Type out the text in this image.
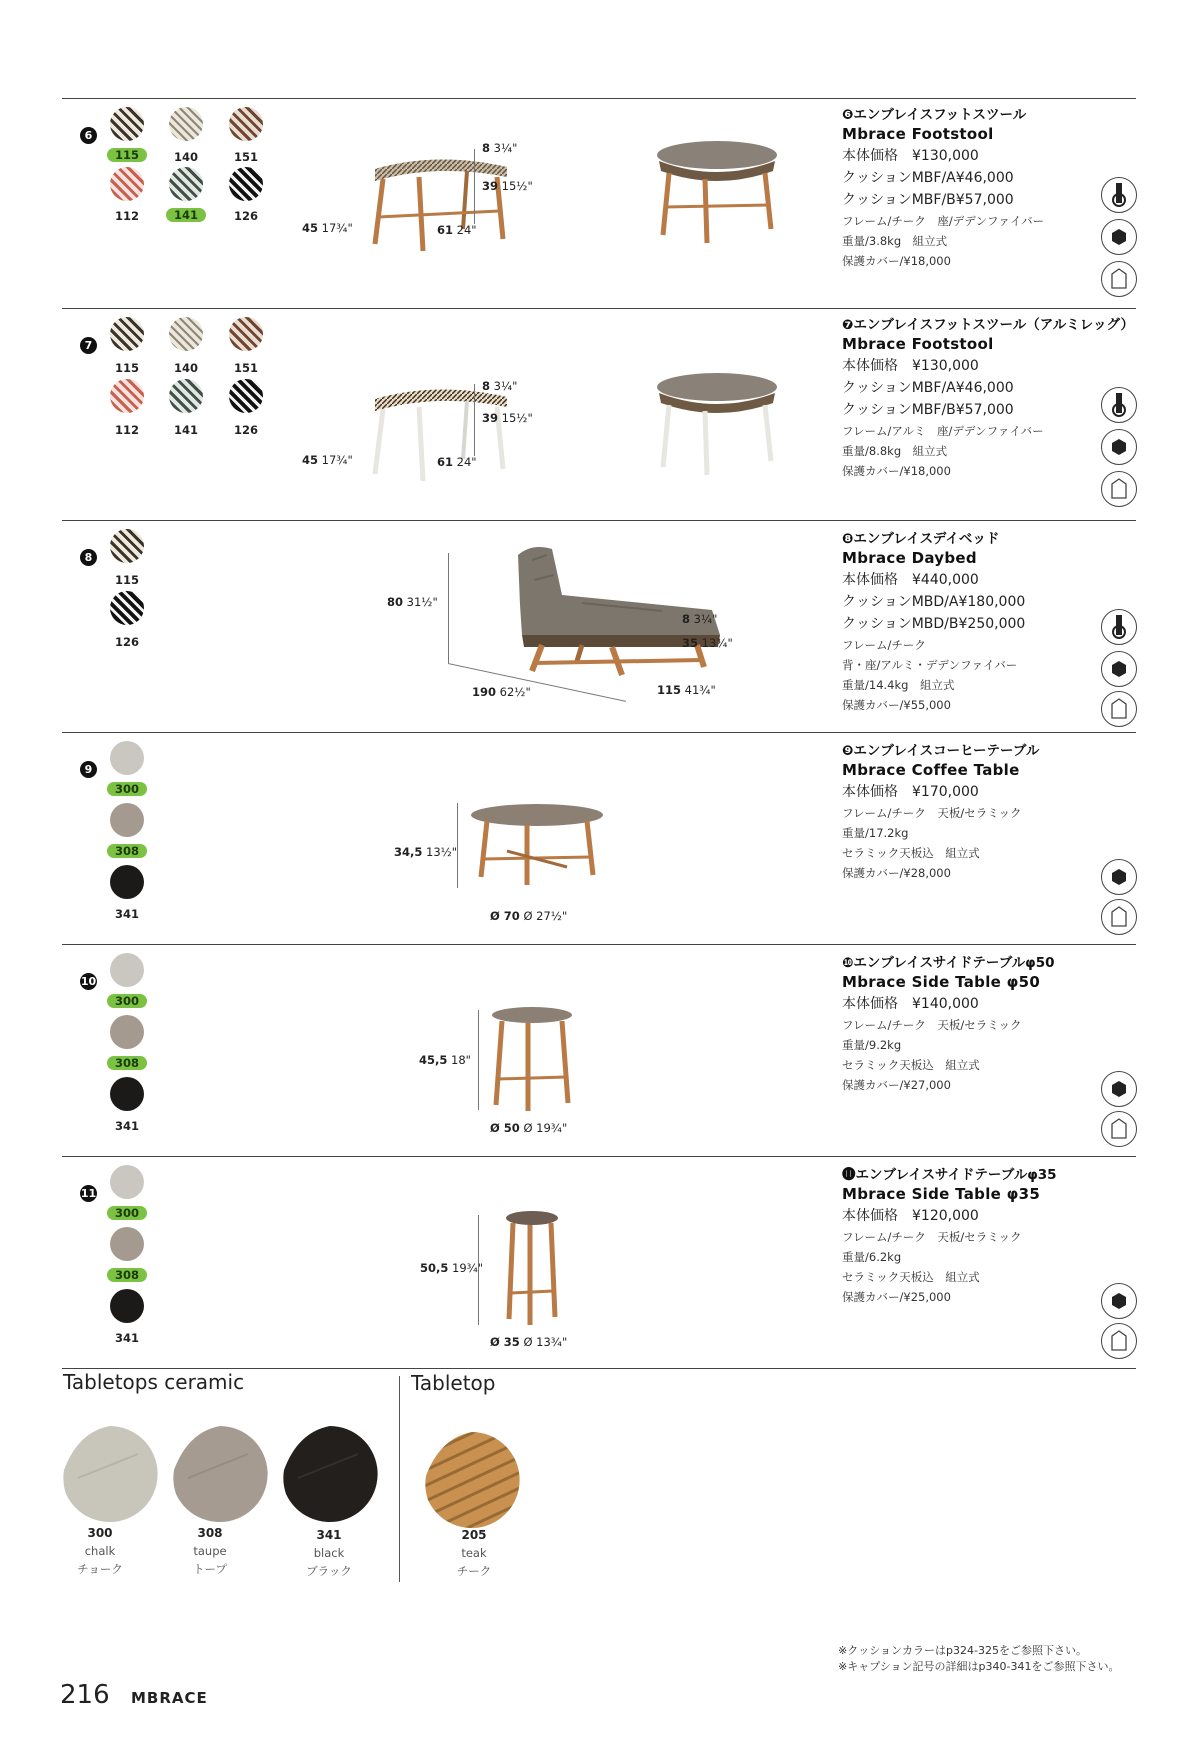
6
115	140	151
112	141	126
8 3¼"
39 15½"
45 17¾"	61 24"
❻エンブレイスフットスツール
Mbrace Footstool
本体価格　¥130,000
クッションMBF/A¥46,000
クッションMBF/B¥57,000
フレーム/チーク　座/デデンファイバー
重量/3.8kg　組立式
保護カバー/¥18,000
7
115	140	151
112	141	126
8 3¼"
39 15½"
45 17¾"	61 24"
❼エンブレイスフットスツール（アルミレッグ）
Mbrace Footstool
本体価格　¥130,000
クッションMBF/A¥46,000
クッションMBF/B¥57,000
フレーム/アルミ　座/デデンファイバー
重量/8.8kg　組立式
保護カバー/¥18,000
8
115
126
80 31½"
8 3¼"
35 13¾"
190 62½"	115 41¾"
❽エンブレイスデイベッド
Mbrace Daybed
本体価格　¥440,000
クッションMBD/A¥180,000
クッションMBD/B¥250,000
フレーム/チーク
背・座/アルミ・デデンファイバー
重量/14.4kg　組立式
保護カバー/¥55,000
9
300
308
341
34,5 13½"
Ø 70 Ø 27½"
❾エンブレイスコーヒーテーブル
Mbrace Coffee Table
本体価格　¥170,000
フレーム/チーク　天板/セラミック
重量/17.2kg
セラミック天板込　組立式
保護カバー/¥28,000
10
300
308
341
45,5 18"
Ø 50 Ø 19¾"
❿エンブレイスサイドテーブルφ50
Mbrace Side Table φ50
本体価格　¥140,000
フレーム/チーク　天板/セラミック
重量/9.2kg
セラミック天板込　組立式
保護カバー/¥27,000
11
300
308
341
50,5 19¾"
Ø 35 Ø 13¾"
⓫エンブレイスサイドテーブルφ35
Mbrace Side Table φ35
本体価格　¥120,000
フレーム/チーク　天板/セラミック
重量/6.2kg
セラミック天板込　組立式
保護カバー/¥25,000
Tabletops ceramic	Tabletop
300
chalk
チョーク
308
taupe
トープ
341
black
ブラック
205
teak
チーク
※クッションカラーはp324-325をご参照下さい。
※キャプション記号の詳細はp340-341をご参照下さい。
216 MBRACE
